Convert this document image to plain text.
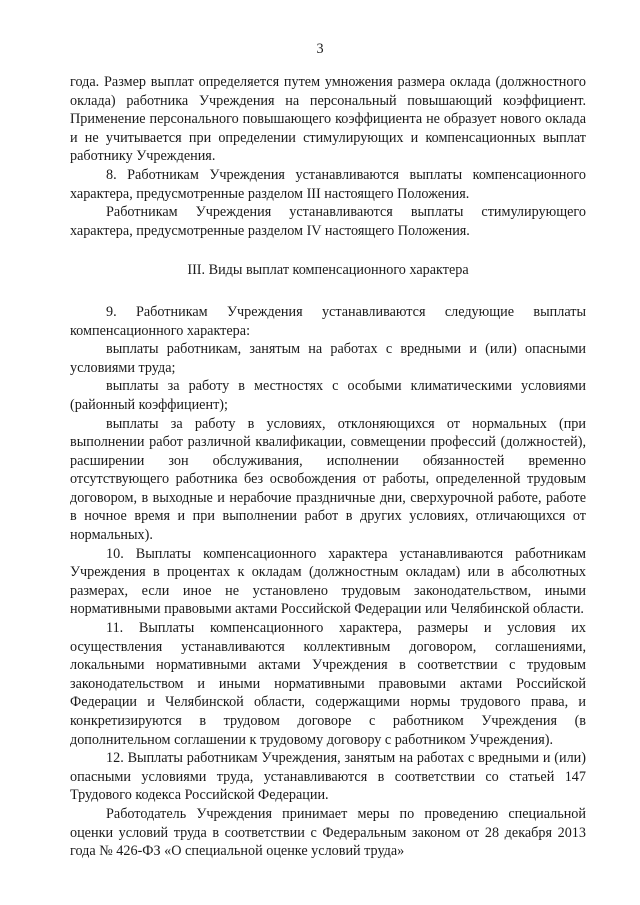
3

года. Размер выплат определяется путем умножения размера оклада (должностного оклада) работника Учреждения на персональный повышающий коэффициент. Применение персонального повышающего коэффициента не образует нового оклада и не учитывается при определении стимулирующих и компенсационных выплат работнику Учреждения.

8. Работникам Учреждения устанавливаются выплаты компенсационного характера, предусмотренные разделом III настоящего Положения.

Работникам Учреждения устанавливаются выплаты стимулирующего характера, предусмотренные разделом IV настоящего Положения.

III. Виды выплат компенсационного характера

9. Работникам Учреждения устанавливаются следующие выплаты компенсационного характера:

выплаты работникам, занятым на работах с вредными и (или) опасными условиями труда;

выплаты за работу в местностях с особыми климатическими условиями (районный коэффициент);

выплаты за работу в условиях, отклоняющихся от нормальных (при выполнении работ различной квалификации, совмещении профессий (должностей), расширении зон обслуживания, исполнении обязанностей временно отсутствующего работника без освобождения от работы, определенной трудовым договором, в выходные и нерабочие праздничные дни, сверхурочной работе, работе в ночное время и при выполнении работ в других условиях, отличающихся от нормальных).

10. Выплаты компенсационного характера устанавливаются работникам Учреждения в процентах к окладам (должностным окладам) или в абсолютных размерах, если иное не установлено трудовым законодательством, иными нормативными правовыми актами Российской Федерации или Челябинской области.

11. Выплаты компенсационного характера, размеры и условия их осуществления устанавливаются коллективным договором, соглашениями, локальными нормативными актами Учреждения в соответствии с трудовым законодательством и иными нормативными правовыми актами Российской Федерации и Челябинской области, содержащими нормы трудового права, и конкретизируются в трудовом договоре с работником Учреждения (в дополнительном соглашении к трудовому договору с работником Учреждения).

12. Выплаты работникам Учреждения, занятым на работах с вредными и (или) опасными условиями труда, устанавливаются в соответствии со статьей 147 Трудового кодекса Российской Федерации.

Работодатель Учреждения принимает меры по проведению специальной оценки условий труда в соответствии с Федеральным законом от 28 декабря 2013 года № 426-ФЗ «О специальной оценке условий труда»
